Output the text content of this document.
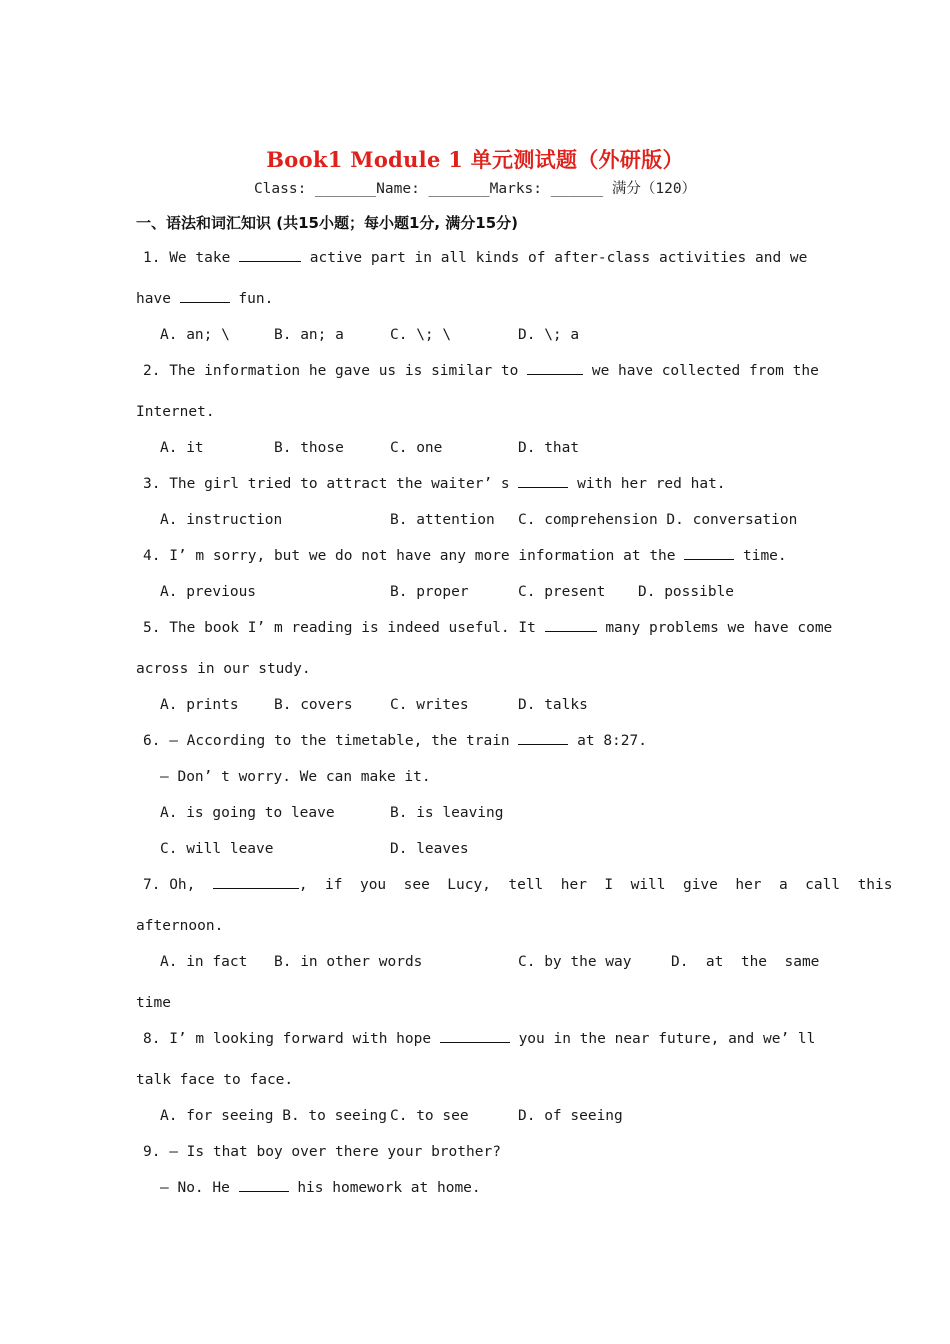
Book1 Module 1 单元测试题（外研版）
Class: _______Name: _______Marks: ______ 满分（120）
一、语法和词汇知识 (共15小题；每小题1分, 满分15分)
1. We take	active part in all kinds of after-class activities and we
have	fun.
A. an; \	B. an; a	C. \; \	D. \; a
2. The information he gave us is similar to	we have collected from the
Internet.
A. it	B. those	C. one	D. that
3. The girl tried to attract the waiter’ s	with her red hat.
A. instruction	B. attention C. comprehension D. conversation
4. I’ m sorry, but we do not have any more information at the	time.
A. previous	B. proper	C. present D. possible
5. The book I’ m reading is indeed useful. It	many problems we have come
across in our study.
A. prints B. covers	C. writes	D. talks
6. — According to the timetable, the train	at 8:27.
— Don’ t worry. We can make it.
A. is going to leave	B. is leaving
C. will leave	D. leaves
7. Oh,	,  if  you  see  Lucy,  tell  her  I  will  give  her  a  call  this
afternoon.
A. in fact B. in other words	C. by the way	D.  at  the  same
time
8. I’ m looking forward with hope	you in the near future, and we’ ll
talk face to face.
A. for seeing B. to seeing C. to see	D. of seeing
9. — Is that boy over there your brother?
— No. He	his homework at home.
